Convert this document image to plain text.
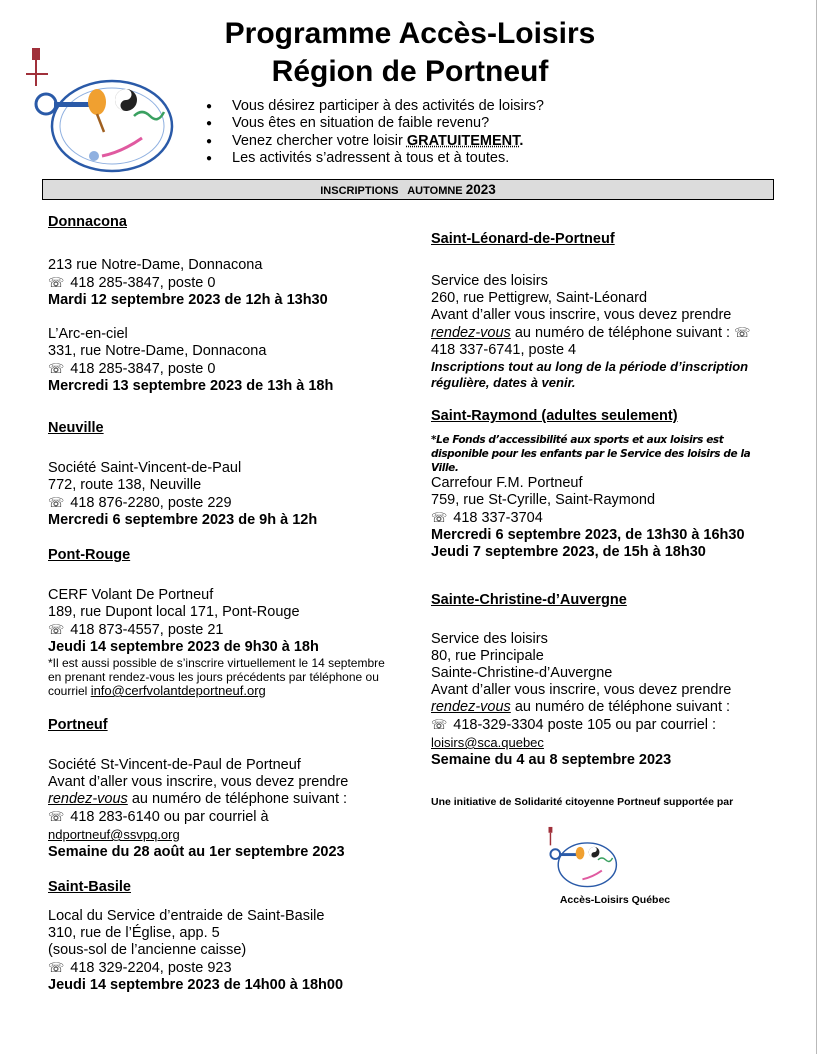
Programme Accès-Loisirs
Région de Portneuf
● Vous désirez participer à des activités de loisirs?
● Vous êtes en situation de faible revenu?
● Venez chercher votre loisir GRATUITEMENT.
● Les activités s’adressent à tous et à toutes.
INSCRIPTIONS   AUTOMNE 2023
Donnacona
213 rue Notre-Dame, Donnacona
☏ 418 285-3847, poste 0
Mardi 12 septembre 2023 de 12h à 13h30
L’Arc-en-ciel
331, rue Notre-Dame, Donnacona
☏ 418 285-3847, poste 0
Mercredi 13 septembre 2023 de 13h à 18h
Neuville
Société Saint-Vincent-de-Paul
772, route 138, Neuville
☏ 418 876-2280, poste 229
Mercredi 6 septembre 2023 de 9h à 12h
Pont-Rouge
CERF Volant De Portneuf
189, rue Dupont local 171, Pont-Rouge
☏ 418 873-4557, poste 21
Jeudi 14 septembre 2023 de 9h30 à 18h
*Il est aussi possible de s’inscrire virtuellement le 14 septembre en prenant rendez-vous les jours précédents par téléphone ou courriel info@cerfvolantdeportneuf.org
Portneuf
Société St-Vincent-de-Paul de Portneuf
Avant d’aller vous inscrire, vous devez prendre
rendez-vous au numéro de téléphone suivant :
☏ 418 283-6140 ou par courriel à
ndportneuf@ssvpq.org
Semaine du 28 août au 1er septembre 2023
Saint-Basile
Local du Service d’entraide de Saint-Basile
310, rue de l’Église, app. 5
(sous-sol de l’ancienne caisse)
☏ 418 329-2204, poste 923
Jeudi 14 septembre 2023 de 14h00 à 18h00
Saint-Léonard-de-Portneuf
Service des loisirs
260, rue Pettigrew, Saint-Léonard
Avant d’aller vous inscrire, vous devez prendre
rendez-vous au numéro de téléphone suivant : ☏
418 337-6741, poste 4
Inscriptions tout au long de la période d’inscription régulière, dates à venir.
Saint-Raymond (adultes seulement)
*Le Fonds d’accessibilité aux sports et aux loisirs est disponible pour les enfants par le Service des loisirs de la Ville.
Carrefour F.M. Portneuf
759, rue St-Cyrille, Saint-Raymond
☏ 418 337-3704
Mercredi 6 septembre 2023, de 13h30 à 16h30
Jeudi 7 septembre 2023, de 15h à 18h30
Sainte-Christine-d’Auvergne
Service des loisirs
80, rue Principale
Sainte-Christine-d’Auvergne
Avant d’aller vous inscrire, vous devez prendre
rendez-vous au numéro de téléphone suivant :
☏ 418-329-3304 poste 105 ou par courriel :
loisirs@sca.quebec
Semaine du 4 au 8 septembre 2023
Une initiative de Solidarité citoyenne Portneuf supportée par
Accès-Loisirs Québec
